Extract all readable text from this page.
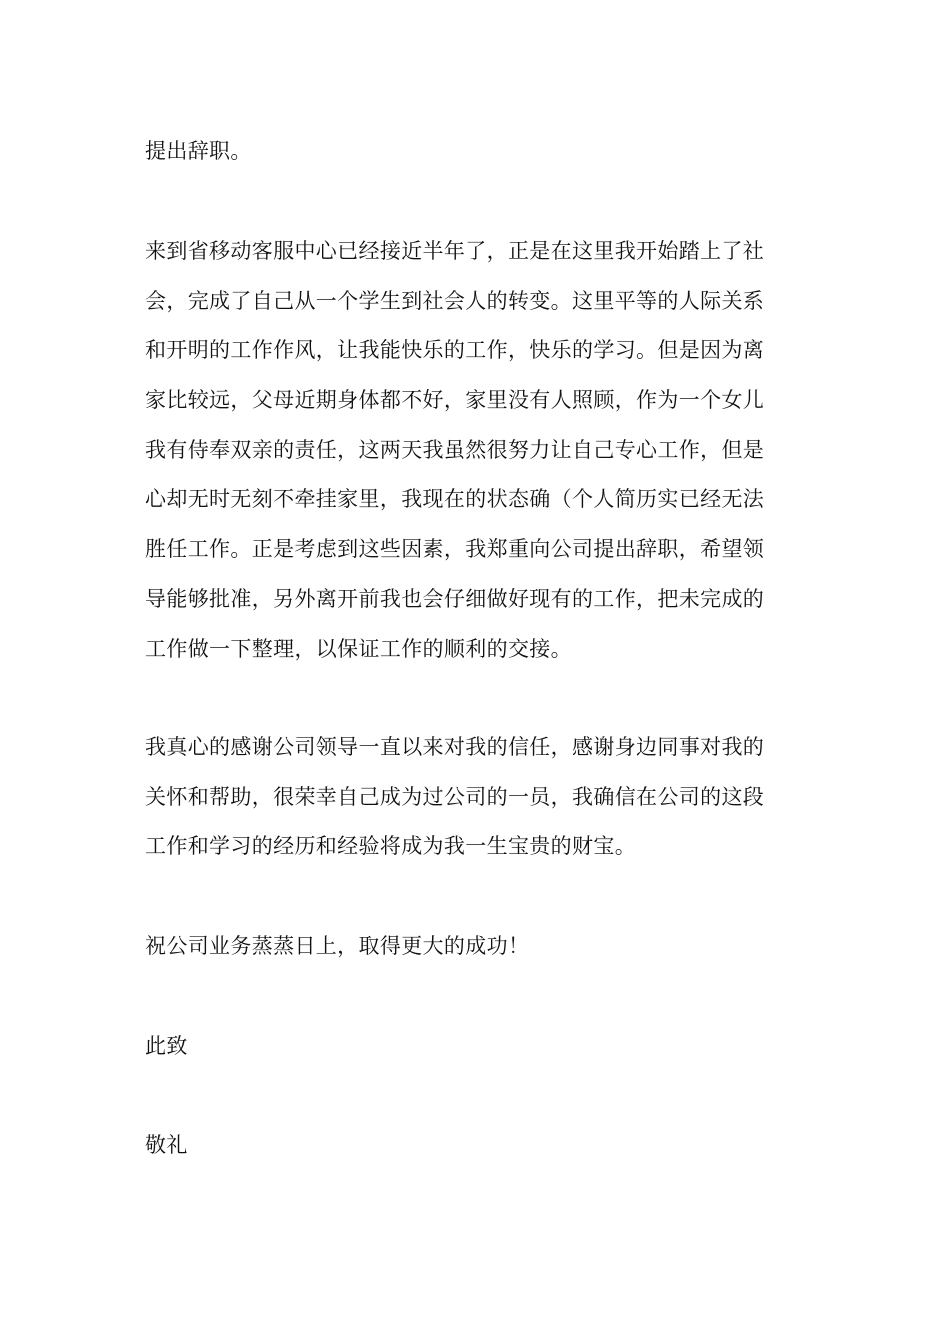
提出辞职。
来到省移动客服中心已经接近半年了，正是在这里我开始踏上了社
会，完成了自己从一个学生到社会人的转变。这里平等的人际关系
和开明的工作作风，让我能快乐的工作，快乐的学习。但是因为离
家比较远，父母近期身体都不好，家里没有人照顾，作为一个女儿
我有侍奉双亲的责任，这两天我虽然很努力让自己专心工作，但是
心却无时无刻不牵挂家里，我现在的状态确（个人简历实已经无法
胜任工作。正是考虑到这些因素，我郑重向公司提出辞职，希望领
导能够批准，另外离开前我也会仔细做好现有的工作，把未完成的
工作做一下整理，以保证工作的顺利的交接。
我真心的感谢公司领导一直以来对我的信任，感谢身边同事对我的
关怀和帮助，很荣幸自己成为过公司的一员，我确信在公司的这段
工作和学习的经历和经验将成为我一生宝贵的财宝。
祝公司业务蒸蒸日上，取得更大的成功！
此致
敬礼
